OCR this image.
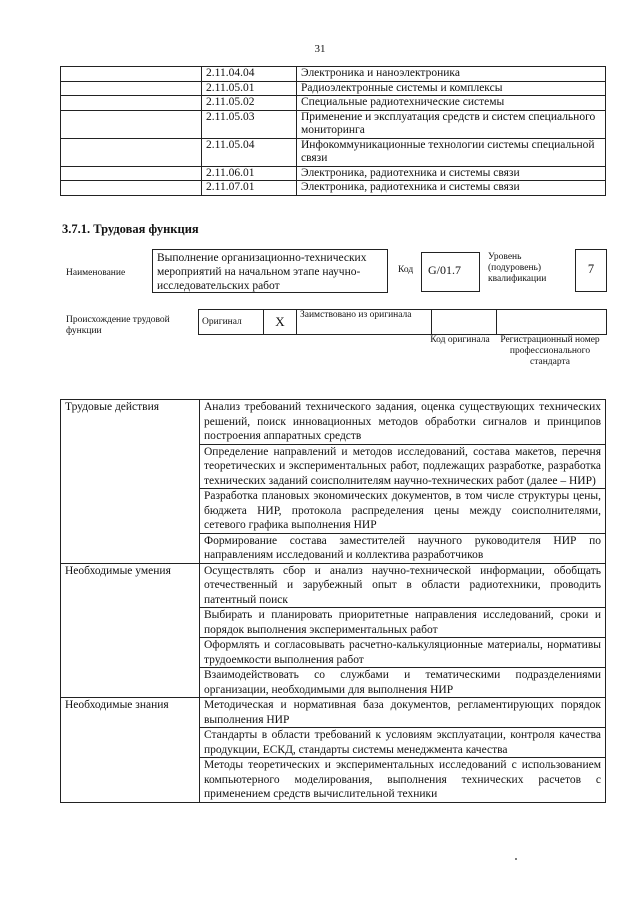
31
	2.11.04.04	Электроника и наноэлектроника
	2.11.05.01	Радиоэлектронные системы и комплексы
	2.11.05.02	Специальные радиотехнические системы
	2.11.05.03	Применение и эксплуатация средств и систем специального мониторинга
	2.11.05.04	Инфокоммуникационные технологии системы специальной связи
	2.11.06.01	Электроника, радиотехника и системы связи
	2.11.07.01	Электроника, радиотехника и системы связи
3.7.1. Трудовая функция
Наименование
Выполнение организационно-технических мероприятий на начальном этапе научно-исследовательских работ
Код	G/01.7
Уровень (подуровень) квалификации
7
Происхождение трудовой функции
Оригинал	X	Заимствовано из оригинала		
Код оригинала Регистрационный номер профессионального стандарта
Трудовые действия	Анализ требований технического задания, оценка существующих технических решений, поиск инновационных методов обработки сигналов и принципов построения аппаратных средств
	Определение направлений и методов исследований, состава макетов, перечня теоретических и экспериментальных работ, подлежащих разработке, разработка технических заданий соисполнителям научно-технических работ (далее – НИР)
	Разработка плановых экономических документов, в том числе структуры цены, бюджета НИР, протокола распределения цены между соисполнителями, сетевого графика выполнения НИР
	Формирование состава заместителей научного руководителя НИР по направлениям исследований и коллектива разработчиков
Необходимые умения	Осуществлять сбор и анализ научно-технической информации, обобщать отечественный и зарубежный опыт в области радиотехники, проводить патентный поиск
	Выбирать и планировать приоритетные направления исследований, сроки и порядок выполнения экспериментальных работ
	Оформлять и согласовывать расчетно-калькуляционные материалы, нормативы трудоемкости выполнения работ
	Взаимодействовать со службами и тематическими подразделениями организации, необходимыми для выполнения НИР
Необходимые знания	Методическая и нормативная база документов, регламентирующих порядок выполнения НИР
	Стандарты в области требований к условиям эксплуатации, контроля качества продукции, ЕСКД, стандарты системы менеджмента качества
	Методы теоретических и экспериментальных исследований с использованием компьютерного моделирования, выполнения технических расчетов с применением средств вычислительной техники
